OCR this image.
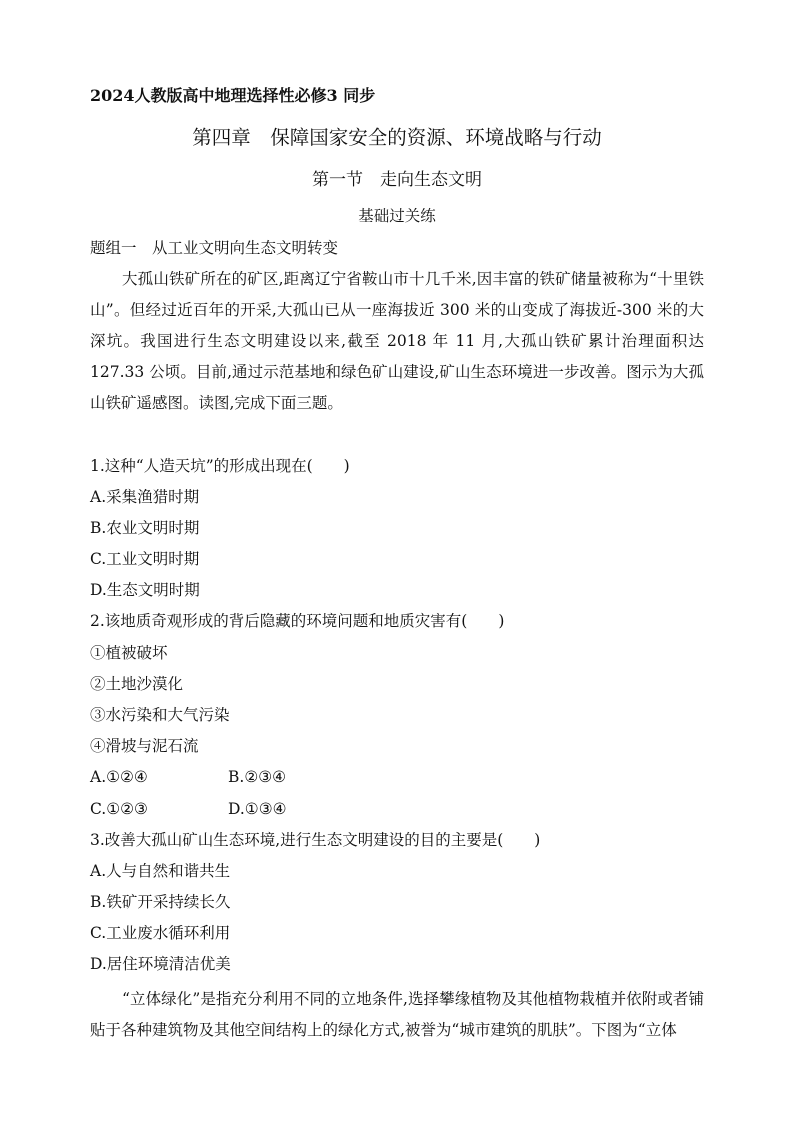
2024人教版高中地理选择性必修3 同步
第四章　保障国家安全的资源、环境战略与行动
第一节　走向生态文明
基础过关练
题组一　从工业文明向生态文明转变
大孤山铁矿所在的矿区,距离辽宁省鞍山市十几千米,因丰富的铁矿储量被称为“十里铁山”。但经过近百年的开采,大孤山已从一座海拔近 300 米的山变成了海拔近-300 米的大深坑。我国进行生态文明建设以来,截至 2018 年 11 月,大孤山铁矿累计治理面积达 127.33 公顷。目前,通过示范基地和绿色矿山建设,矿山生态环境进一步改善。图示为大孤山铁矿遥感图。读图,完成下面三题。
1.这种“人造天坑”的形成出现在(　　)
A.采集渔猎时期
B.农业文明时期
C.工业文明时期
D.生态文明时期
2.该地质奇观形成的背后隐藏的环境问题和地质灾害有(　　)
①植被破坏
②土地沙漠化
③水污染和大气污染
④滑坡与泥石流
A.①②④	B.②③④
C.①②③	D.①③④
3.改善大孤山矿山生态环境,进行生态文明建设的目的主要是(　　)
A.人与自然和谐共生
B.铁矿开采持续长久
C.工业废水循环利用
D.居住环境清洁优美
“立体绿化”是指充分利用不同的立地条件,选择攀缘植物及其他植物栽植并依附或者铺贴于各种建筑物及其他空间结构上的绿化方式,被誉为“城市建筑的肌肤”。下图为“立体
